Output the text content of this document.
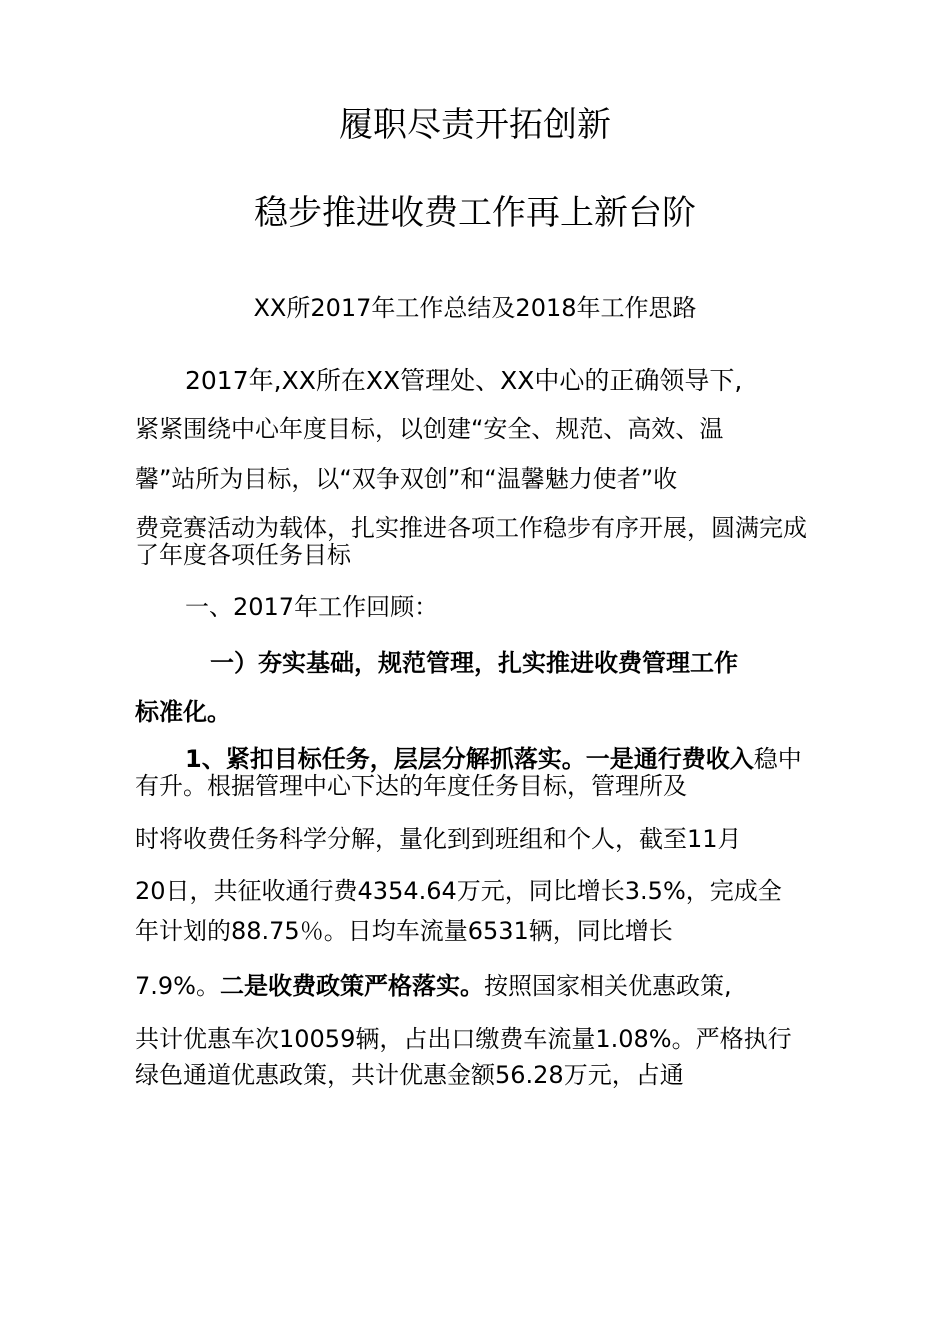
履职尽责开拓创新
稳步推进收费工作再上新台阶
XX所2017年工作总结及2018年工作思路
2017年,XX所在XX管理处、XX中心的正确领导下,
紧紧围绕中心年度目标，以创建“安全、规范、高效、温
馨”站所为目标，以“双争双创”和“温馨魅力使者”收
费竞赛活动为载体，扎实推进各项工作稳步有序开展，圆满完成
了年度各项任务目标
一、2017年工作回顾：
一）夯实基础，规范管理，扎实推进收费管理工作
标准化。
1、紧扣目标任务，层层分解抓落实。一是通行费收入稳中
有升。根据管理中心下达的年度任务目标，管理所及
时将收费任务科学分解，量化到到班组和个人，截至11月
20日，共征收通行费4354.64万元，同比增长3.5%，完成全
年计划的88.75％。日均车流量6531辆，同比增长
7.9%。二是收费政策严格落实。按照国家相关优惠政策,
共计优惠车次10059辆，占出口缴费车流量1.08%。严格执行
绿色通道优惠政策，共计优惠金额56.28万元，占通
